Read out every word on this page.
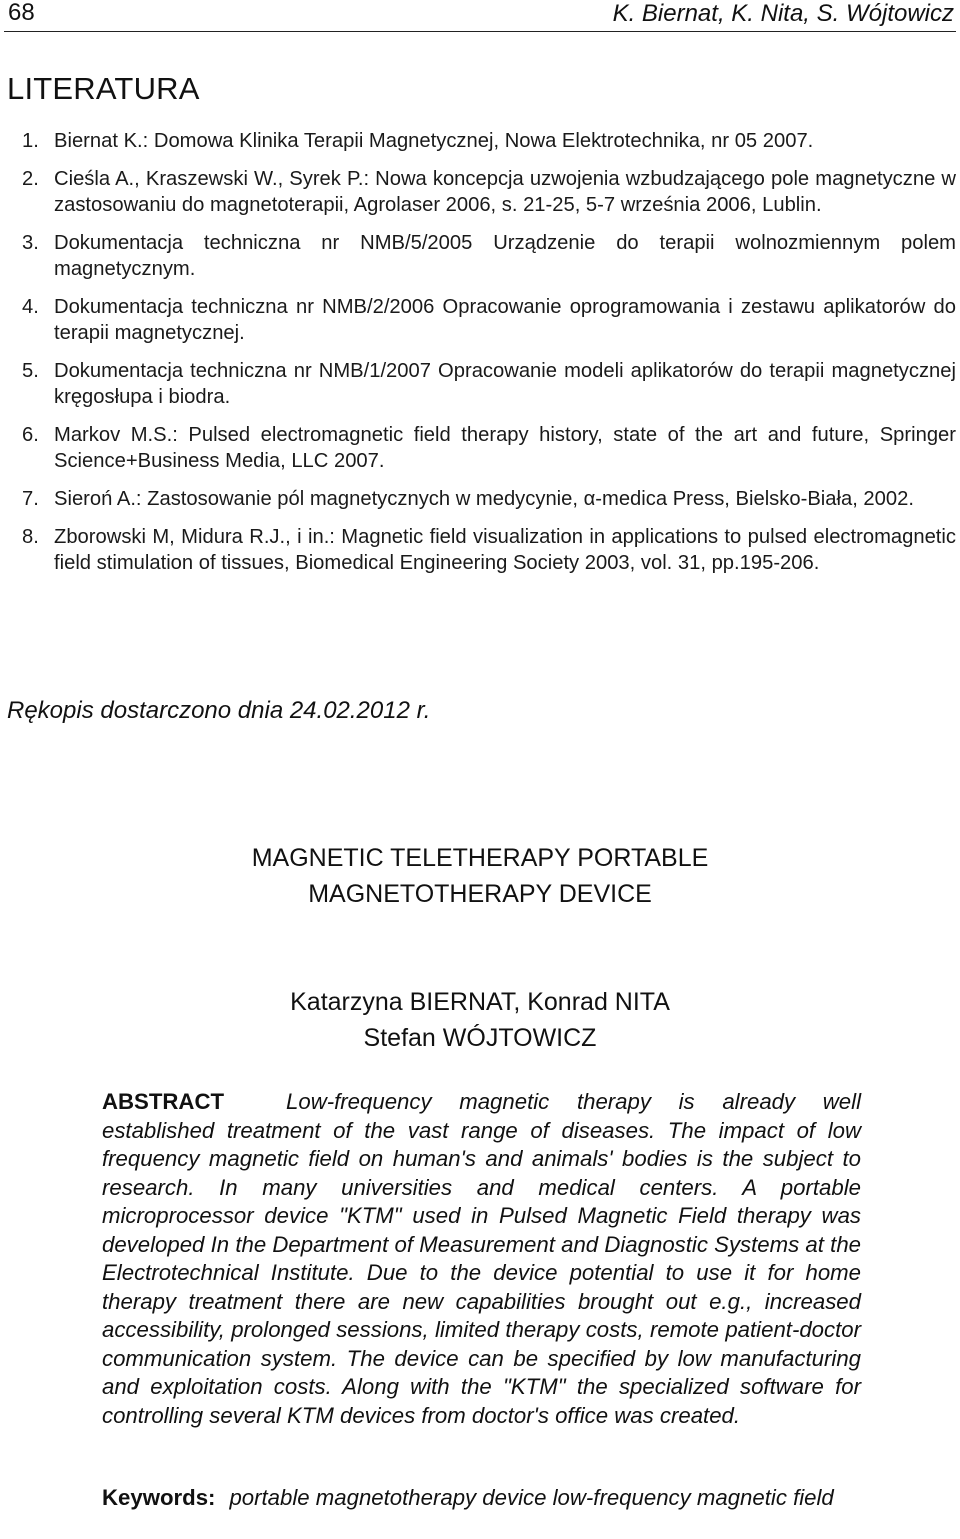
68	K. Biernat, K. Nita, S. Wójtowicz
LITERATURA
1. Biernat K.: Domowa Klinika Terapii Magnetycznej, Nowa Elektrotechnika, nr 05 2007.
2. Cieśla A., Kraszewski W., Syrek P.: Nowa koncepcja uzwojenia wzbudzającego pole magnetyczne w zastosowaniu do magnetoterapii, Agrolaser 2006, s. 21-25, 5-7 września 2006, Lublin.
3. Dokumentacja techniczna nr NMB/5/2005 Urządzenie do terapii wolnozmiennym polem magnetycznym.
4. Dokumentacja techniczna nr NMB/2/2006 Opracowanie oprogramowania i zestawu aplikatorów do terapii magnetycznej.
5. Dokumentacja techniczna nr NMB/1/2007 Opracowanie modeli aplikatorów do terapii magnetycznej kręgosłupa i biodra.
6. Markov M.S.: Pulsed electromagnetic field therapy history, state of the art and future, Springer Science+Business Media, LLC 2007.
7. Sieroń A.: Zastosowanie pól magnetycznych w medycynie, α-medica Press, Bielsko-Biała, 2002.
8. Zborowski M, Midura R.J., i in.: Magnetic field visualization in applications to pulsed electromagnetic field stimulation of tissues, Biomedical Engineering Society 2003, vol. 31, pp.195-206.
Rękopis dostarczono dnia 24.02.2012 r.
MAGNETIC TELETHERAPY PORTABLE
MAGNETOTHERAPY DEVICE
Katarzyna BIERNAT, Konrad NITA
Stefan WÓJTOWICZ
ABSTRACT	Low-frequency magnetic therapy is already well established treatment of the vast range of diseases. The impact of low frequency magnetic field on human's and animals' bodies is the subject to research. In many universities and medical centers. A portable microprocessor device "KTM" used in Pulsed Magnetic Field therapy was developed In the Department of Measurement and Diagnostic Systems at the Electrotechnical Institute. Due to the device potential to use it for home therapy treatment there are new capabilities brought out e.g., increased accessibility, prolonged sessions, limited therapy costs, remote patient-doctor communication system. The device can be specified by low manufacturing and exploitation costs. Along with the "KTM" the specialized software for controlling several KTM devices from doctor's office was created.
Keywords: portable magnetotherapy device low-frequency magnetic field
